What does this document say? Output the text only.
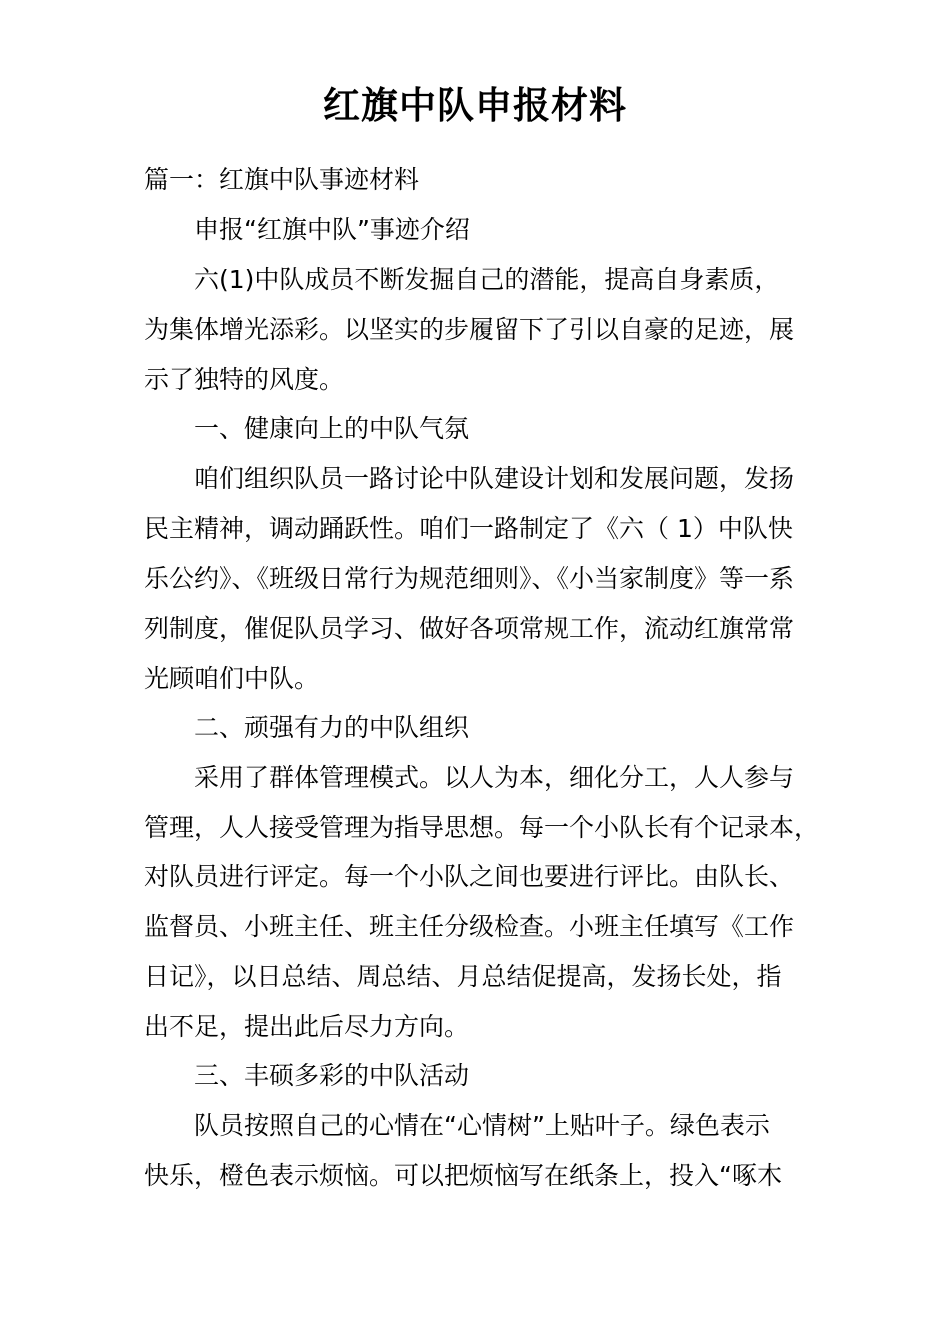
红旗中队申报材料
篇一：红旗中队事迹材料
申报“红旗中队”事迹介绍
六(1)中队成员不断发掘自己的潜能，提高自身素质，
为集体增光添彩。以坚实的步履留下了引以自豪的足迹，展
示了独特的风度。
一、健康向上的中队气氛
咱们组织队员一路讨论中队建设计划和发展问题，发扬
民主精神，调动踊跃性。咱们一路制定了《六（ 1）中队快
乐公约》、《班级日常行为规范细则》、《小当家制度》等一系
列制度，催促队员学习、做好各项常规工作，流动红旗常常
光顾咱们中队。
二、顽强有力的中队组织
采用了群体管理模式。以人为本，细化分工，人人参与
管理，人人接受管理为指导思想。每一个小队长有个记录本，
对队员进行评定。每一个小队之间也要进行评比。由队长、
监督员、小班主任、班主任分级检查。小班主任填写《工作
日记》，以日总结、周总结、月总结促提高，发扬长处，指
出不足，提出此后尽力方向。
三、丰硕多彩的中队活动
队员按照自己的心情在“心情树”上贴叶子。绿色表示
快乐，橙色表示烦恼。可以把烦恼写在纸条上，投入“啄木
